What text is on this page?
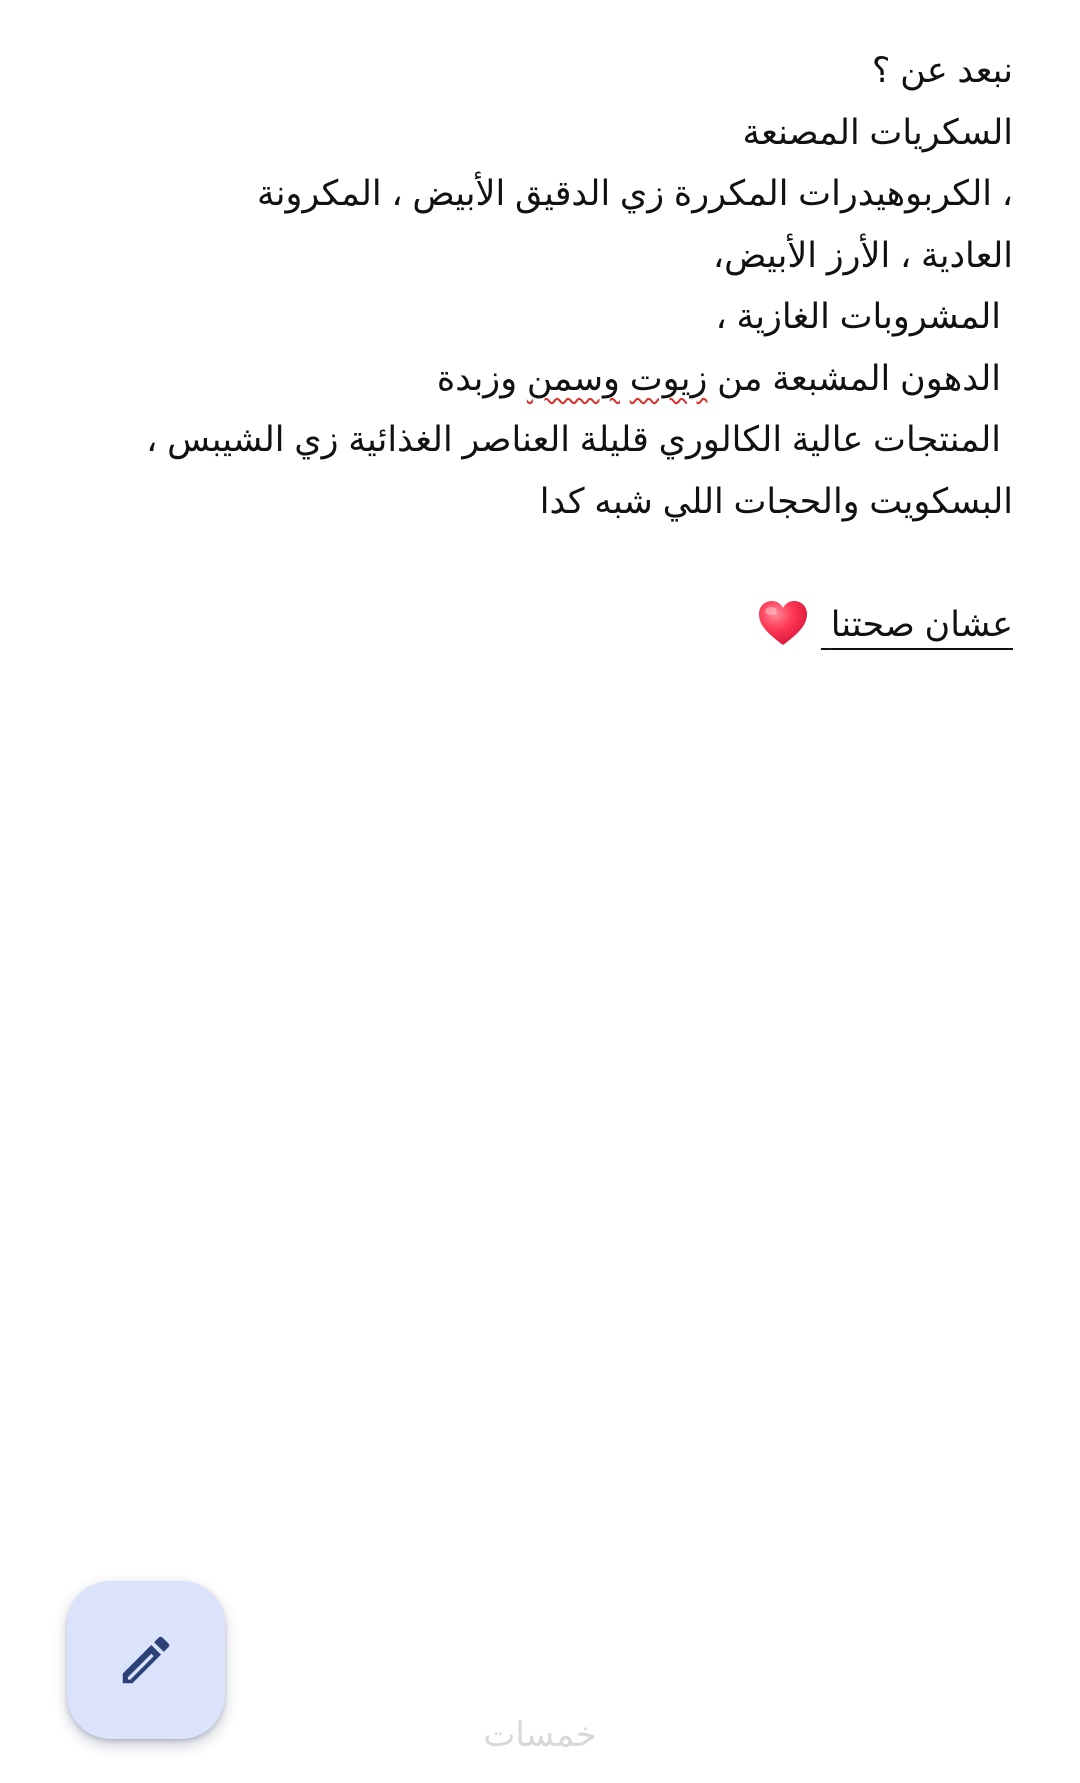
نبعد عن ؟
السكريات المصنعة
، الكربوهيدرات المكررة زي الدقيق الأبيض ، المكرونة
العادية ، الأرز الأبيض،
المشروبات الغازية ،
الدهون المشبعة من زيوت وسمن وزبدة
المنتجات عالية الكالوري قليلة العناصر الغذائية زي الشيبس ،
البسكويت والحجات اللي شبه كدا
عشان صحتنا
خمسات
